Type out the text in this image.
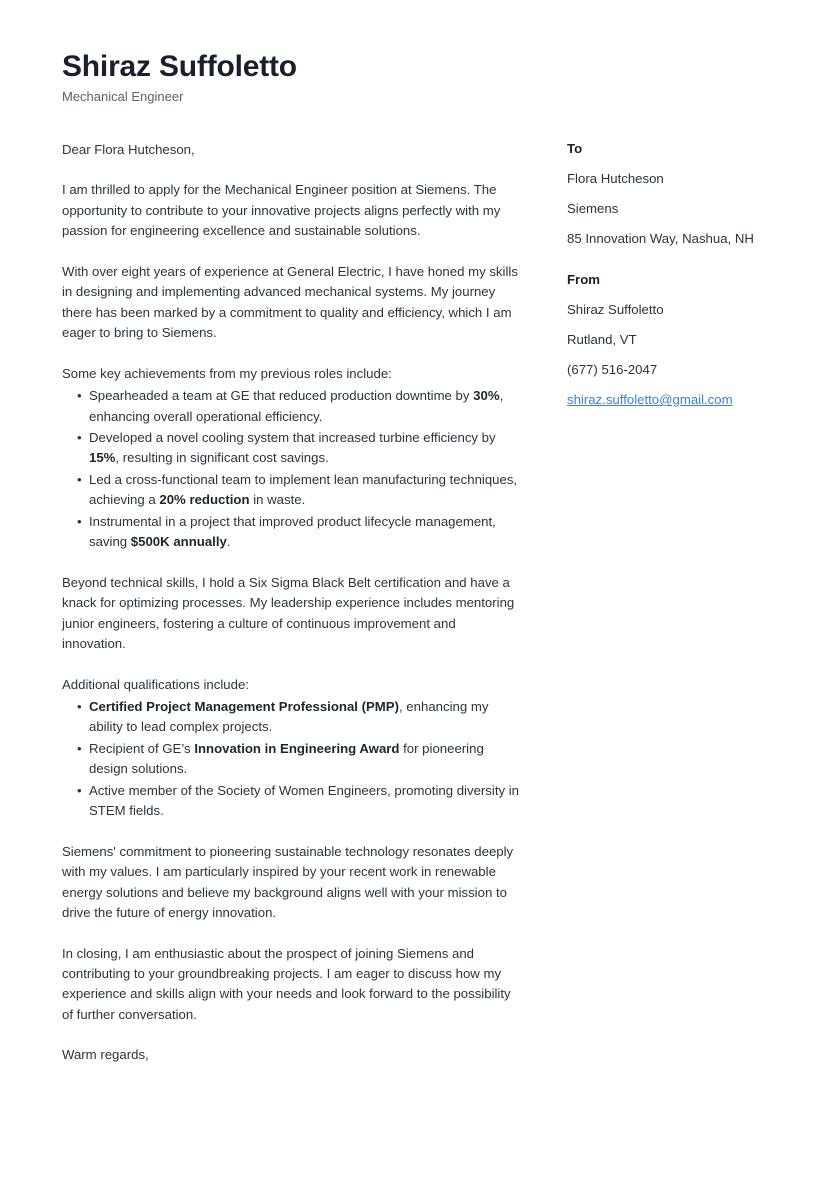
Shiraz Suffoletto
Mechanical Engineer

Dear Flora Hutcheson,

I am thrilled to apply for the Mechanical Engineer position at Siemens. The opportunity to contribute to your innovative projects aligns perfectly with my passion for engineering excellence and sustainable solutions.

With over eight years of experience at General Electric, I have honed my skills in designing and implementing advanced mechanical systems. My journey there has been marked by a commitment to quality and efficiency, which I am eager to bring to Siemens.

Some key achievements from my previous roles include:

• Spearheaded a team at GE that reduced production downtime by 30%, enhancing overall operational efficiency.
• Developed a novel cooling system that increased turbine efficiency by 15%, resulting in significant cost savings.
• Led a cross-functional team to implement lean manufacturing techniques, achieving a 20% reduction in waste.
• Instrumental in a project that improved product lifecycle management, saving $500K annually.

Beyond technical skills, I hold a Six Sigma Black Belt certification and have a knack for optimizing processes. My leadership experience includes mentoring junior engineers, fostering a culture of continuous improvement and innovation.

Additional qualifications include:

• Certified Project Management Professional (PMP), enhancing my ability to lead complex projects.
• Recipient of GE’s Innovation in Engineering Award for pioneering design solutions.
• Active member of the Society of Women Engineers, promoting diversity in STEM fields.

Siemens' commitment to pioneering sustainable technology resonates deeply with my values. I am particularly inspired by your recent work in renewable energy solutions and believe my background aligns well with your mission to drive the future of energy innovation.

In closing, I am enthusiastic about the prospect of joining Siemens and contributing to your groundbreaking projects. I am eager to discuss how my experience and skills align with your needs and look forward to the possibility of further conversation.

Warm regards,

To
Flora Hutcheson
Siemens
85 Innovation Way, Nashua, NH
From
Shiraz Suffoletto
Rutland, VT
(677) 516-2047
shiraz.suffoletto@gmail.com
